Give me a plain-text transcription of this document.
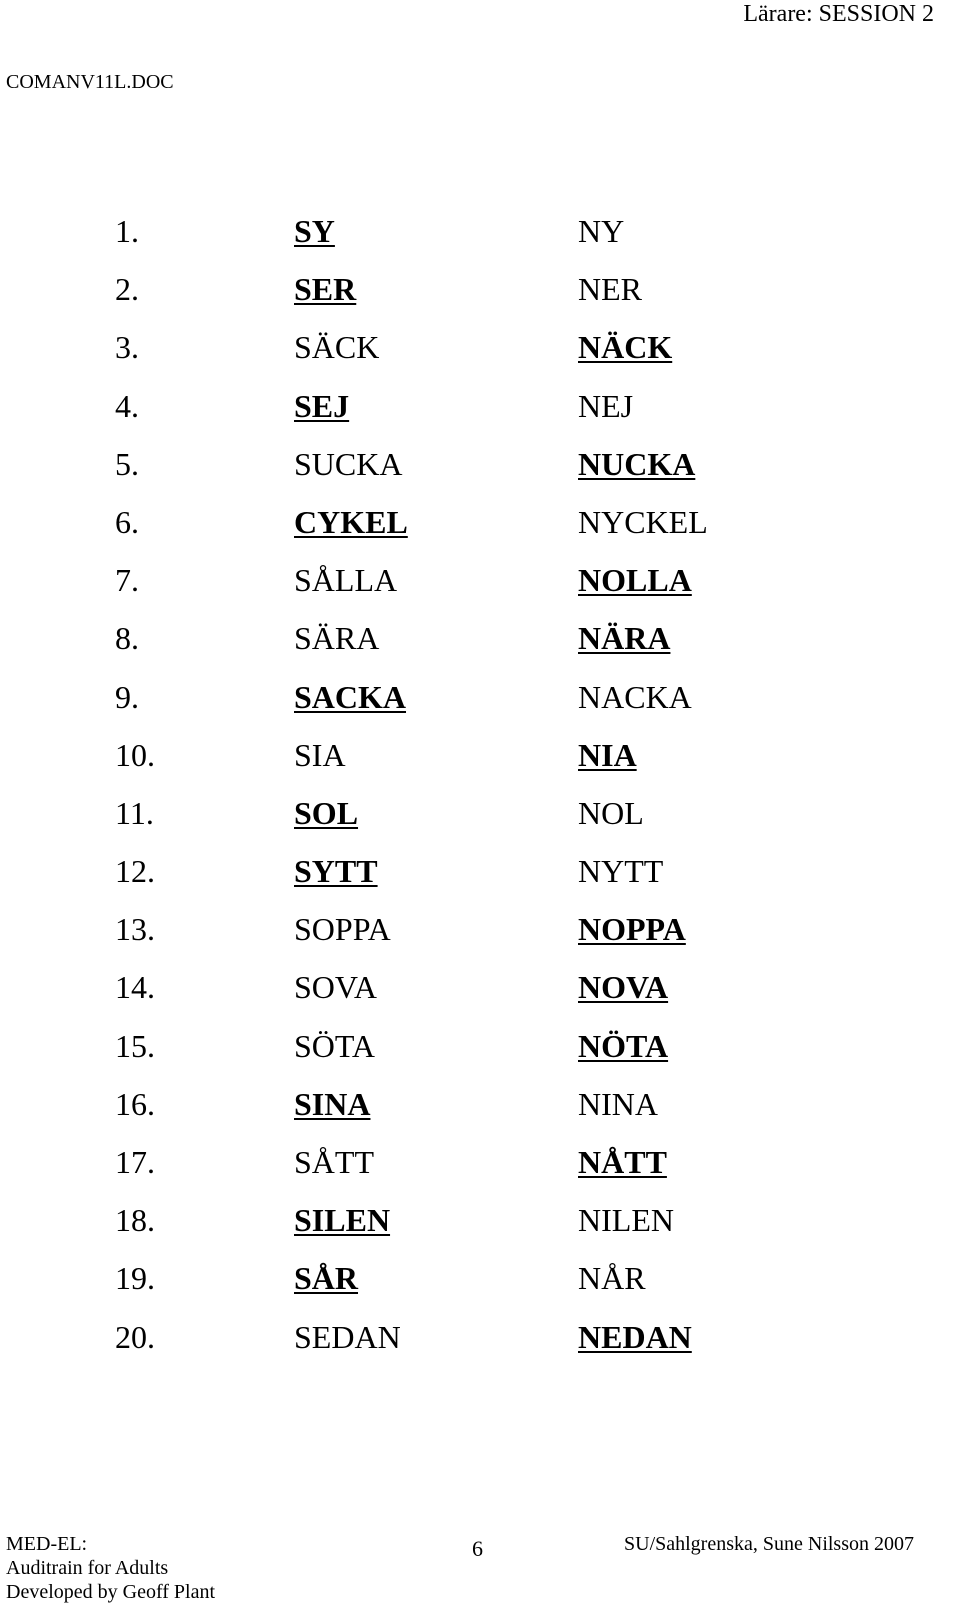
Lärare: SESSION 2
COMANV11L.DOC
1.	SY	NY
2.	SER	NER
3.	SÄCK	NÄCK
4.	SEJ	NEJ
5.	SUCKA	NUCKA
6.	CYKEL	NYCKEL
7.	SÅLLA	NOLLA
8.	SÄRA	NÄRA
9.	SACKA	NACKA
10.	SIA	NIA
11.	SOL	NOL
12.	SYTT	NYTT
13.	SOPPA	NOPPA
14.	SOVA	NOVA
15.	SÖTA	NÖTA
16.	SINA	NINA
17.	SÅTT	NÅTT
18.	SILEN	NILEN
19.	SÅR	NÅR
20.	SEDAN	NEDAN
MED-EL:
Auditrain for Adults
Developed by Geoff Plant
6	SU/Sahlgrenska, Sune Nilsson 2007
